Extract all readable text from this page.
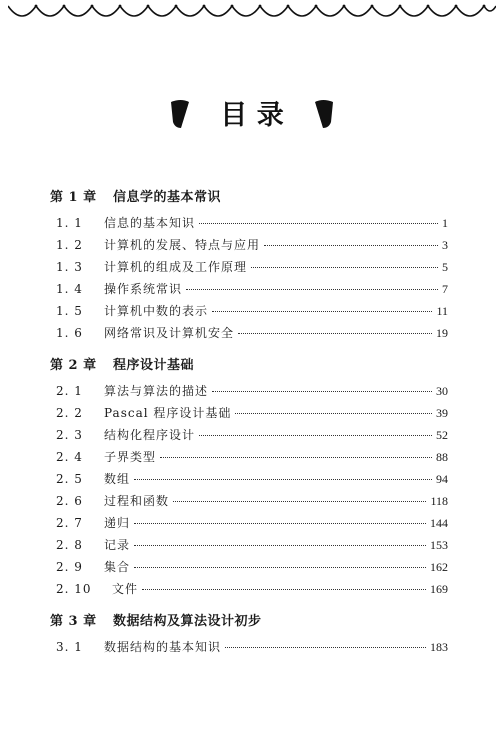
目 录
第 1 章 信息学的基本常识
1. 1	信息的基本知识	1
1. 2	计算机的发展、特点与应用	3
1. 3	计算机的组成及工作原理	5
1. 4	操作系统常识	7
1. 5	计算机中数的表示	11
1. 6	网络常识及计算机安全	19
第 2 章 程序设计基础
2. 1	算法与算法的描述	30
2. 2	Pascal 程序设计基础	39
2. 3	结构化程序设计	52
2. 4	子界类型	88
2. 5	数组	94
2. 6	过程和函数	118
2. 7	递归	144
2. 8	记录	153
2. 9	集合	162
2. 10	文件	169
第 3 章 数据结构及算法设计初步
3. 1	数据结构的基本知识	183
